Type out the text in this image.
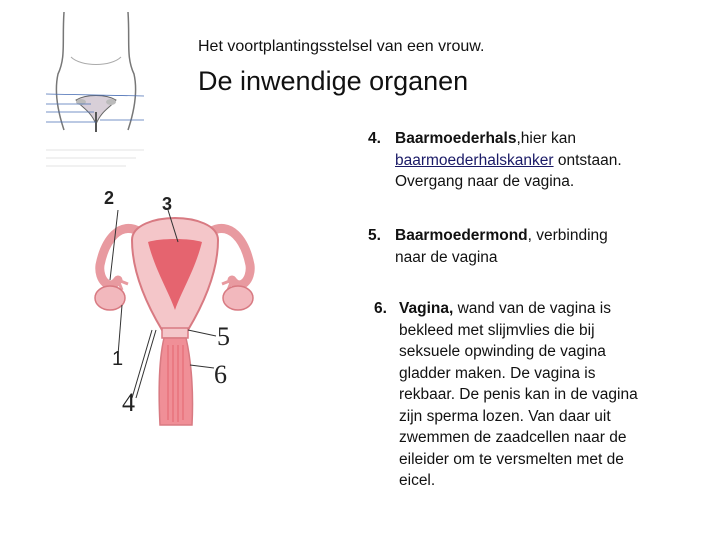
Het voortplantingsstelsel van een vrouw.
De inwendige organen
2	3
1
4
5
6
4. Baarmoederhals,hier kan
baarmoederhalskanker ontstaan.
Overgang naar de vagina.
5. Baarmoedermond, verbinding
naar de vagina
6. Vagina, wand van de vagina is
bekleed met slijmvlies die bij
seksuele opwinding de vagina
gladder maken. De vagina is
rekbaar. De penis kan in de vagina
zijn sperma lozen. Van daar uit
zwemmen de zaadcellen naar de
eileider om te versmelten met de
eicel.
